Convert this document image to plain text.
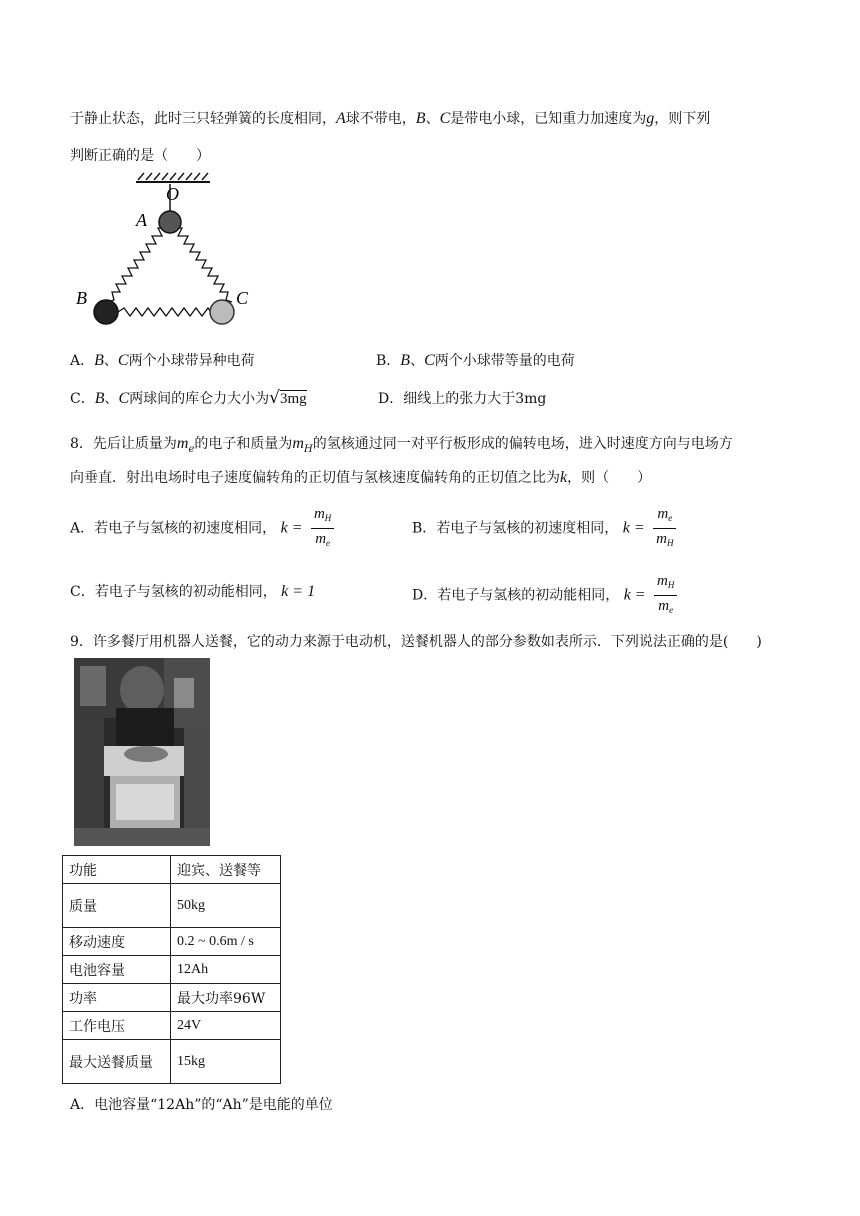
于静止状态，此时三只轻弹簧的长度相同，A球不带电，B、C是带电小球，已知重力加速度为g，则下列
判断正确的是（　　）
O
A
B	C
A．B、C两个小球带异种电荷	B．B、C两个小球带等量的电荷
C．B、C两球间的库仑力大小为√3mg	D．细线上的张力大于3mg
8．先后让质量为$m_e$的电子和质量为$m_H$的氢核通过同一对平行板形成的偏转电场，进入时速度方向与电场方
向垂直．射出电场时电子速度偏转角的正切值与氢核速度偏转角的正切值之比为k，则（　　）
A．若电子与氢核的初速度相同， $k = \frac{m_H}{m_e}$	B．若电子与氢核的初速度相同， $k = \frac{m_e}{m_H}$
C．若电子与氢核的初动能相同， k = 1	D．若电子与氢核的初动能相同， $k = \frac{m_H}{m_e}$
9．许多餐厅用机器人送餐，它的动力来源于电动机，送餐机器人的部分参数如表所示．下列说法正确的是(　　)
功能	迎宾、送餐等
质量	50kg
移动速度	0.2 ~ 0.6m / s
电池容量	12Ah
功率	最大功率96W
工作电压	24V
最大送餐质量	15kg
A．电池容量“12Ah”的“Ah”是电能的单位
